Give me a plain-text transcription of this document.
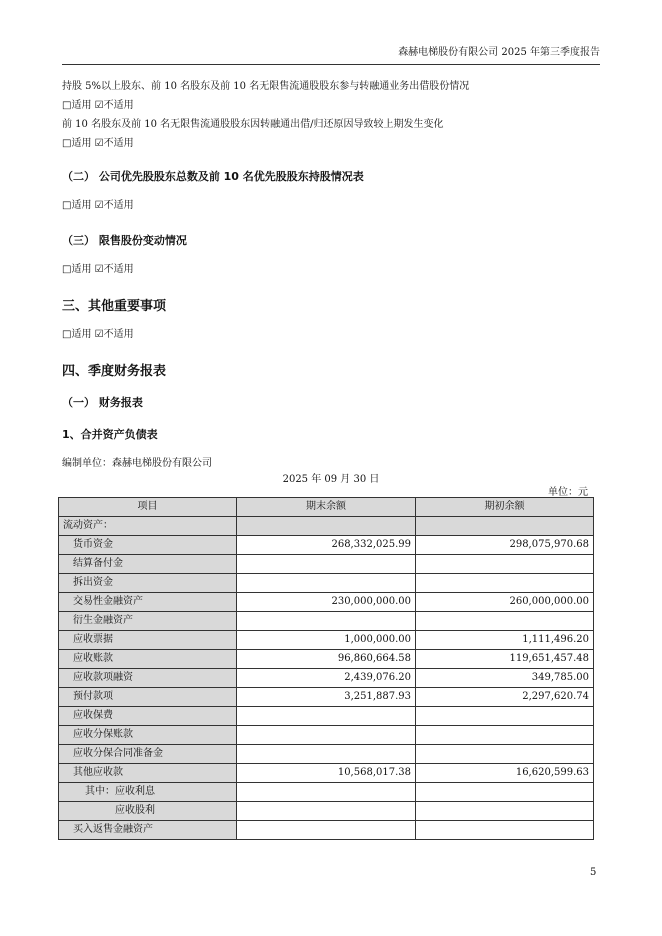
森赫电梯股份有限公司 2025 年第三季度报告
持股 5%以上股东、前 10 名股东及前 10 名无限售流通股股东参与转融通业务出借股份情况
□适用 ☑不适用
前 10 名股东及前 10 名无限售流通股股东因转融通出借/归还原因导致较上期发生变化
□适用 ☑不适用
（二） 公司优先股股东总数及前 10 名优先股股东持股情况表
□适用 ☑不适用
（三） 限售股份变动情况
□适用 ☑不适用
三、其他重要事项
□适用 ☑不适用
四、季度财务报表
（一） 财务报表
1、合并资产负债表
编制单位：森赫电梯股份有限公司
2025 年 09 月 30 日
单位：元
项目	期末余额	期初余额
流动资产：		
货币资金	268,332,025.99	298,075,970.68
结算备付金		
拆出资金		
交易性金融资产	230,000,000.00	260,000,000.00
衍生金融资产		
应收票据	1,000,000.00	1,111,496.20
应收账款	96,860,664.58	119,651,457.48
应收款项融资	2,439,076.20	349,785.00
预付款项	3,251,887.93	2,297,620.74
应收保费		
应收分保账款		
应收分保合同准备金		
其他应收款	10,568,017.38	16,620,599.63
其中：应收利息		
应收股利		
买入返售金融资产		
5
